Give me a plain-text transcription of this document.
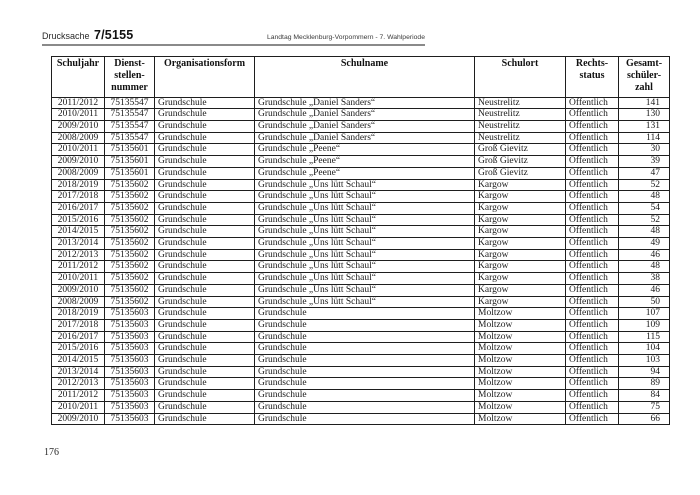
Drucksache 7/5155	Landtag Mecklenburg-Vorpommern - 7. Wahlperiode
Schuljahr	Dienst-
stellen-
nummer	Organisationsform	Schulname	Schulort	Rechts-
status	Gesamt-
schüler-
zahl
2011/2012	75135547	Grundschule	Grundschule „Daniel Sanders“	Neustrelitz	Öffentlich	141
2010/2011	75135547	Grundschule	Grundschule „Daniel Sanders“	Neustrelitz	Öffentlich	130
2009/2010	75135547	Grundschule	Grundschule „Daniel Sanders“	Neustrelitz	Öffentlich	131
2008/2009	75135547	Grundschule	Grundschule „Daniel Sanders“	Neustrelitz	Öffentlich	114
2010/2011	75135601	Grundschule	Grundschule „Peene“	Groß Gievitz	Öffentlich	30
2009/2010	75135601	Grundschule	Grundschule „Peene“	Groß Gievitz	Öffentlich	39
2008/2009	75135601	Grundschule	Grundschule „Peene“	Groß Gievitz	Öffentlich	47
2018/2019	75135602	Grundschule	Grundschule „Uns lütt Schaul“	Kargow	Öffentlich	52
2017/2018	75135602	Grundschule	Grundschule „Uns lütt Schaul“	Kargow	Öffentlich	48
2016/2017	75135602	Grundschule	Grundschule „Uns lütt Schaul“	Kargow	Öffentlich	54
2015/2016	75135602	Grundschule	Grundschule „Uns lütt Schaul“	Kargow	Öffentlich	52
2014/2015	75135602	Grundschule	Grundschule „Uns lütt Schaul“	Kargow	Öffentlich	48
2013/2014	75135602	Grundschule	Grundschule „Uns lütt Schaul“	Kargow	Öffentlich	49
2012/2013	75135602	Grundschule	Grundschule „Uns lütt Schaul“	Kargow	Öffentlich	46
2011/2012	75135602	Grundschule	Grundschule „Uns lütt Schaul“	Kargow	Öffentlich	48
2010/2011	75135602	Grundschule	Grundschule „Uns lütt Schaul“	Kargow	Öffentlich	38
2009/2010	75135602	Grundschule	Grundschule „Uns lütt Schaul“	Kargow	Öffentlich	46
2008/2009	75135602	Grundschule	Grundschule „Uns lütt Schaul“	Kargow	Öffentlich	50
2018/2019	75135603	Grundschule	Grundschule	Moltzow	Öffentlich	107
2017/2018	75135603	Grundschule	Grundschule	Moltzow	Öffentlich	109
2016/2017	75135603	Grundschule	Grundschule	Moltzow	Öffentlich	115
2015/2016	75135603	Grundschule	Grundschule	Moltzow	Öffentlich	104
2014/2015	75135603	Grundschule	Grundschule	Moltzow	Öffentlich	103
2013/2014	75135603	Grundschule	Grundschule	Moltzow	Öffentlich	94
2012/2013	75135603	Grundschule	Grundschule	Moltzow	Öffentlich	89
2011/2012	75135603	Grundschule	Grundschule	Moltzow	Öffentlich	84
2010/2011	75135603	Grundschule	Grundschule	Moltzow	Öffentlich	75
2009/2010	75135603	Grundschule	Grundschule	Moltzow	Öffentlich	66
176
